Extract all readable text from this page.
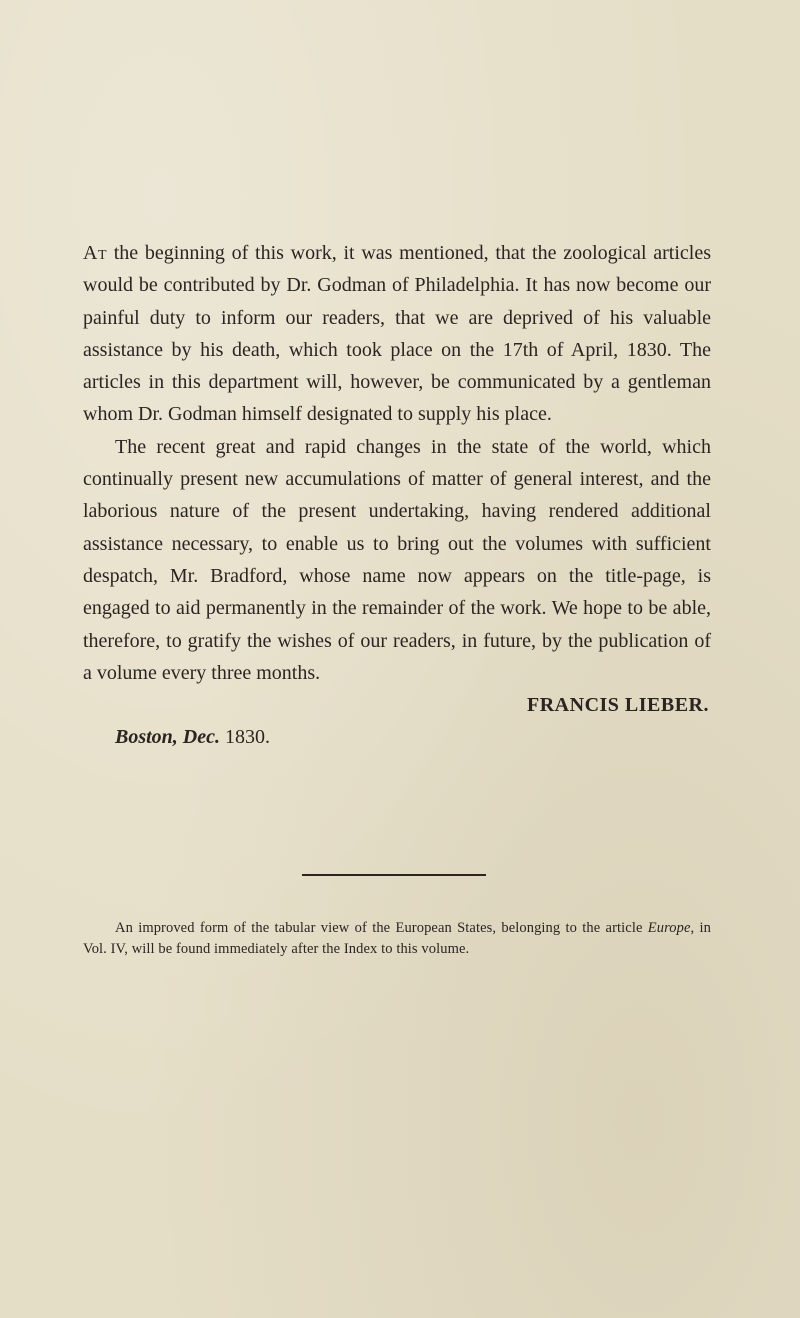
At the beginning of this work, it was mentioned, that the zoological articles would be contributed by Dr. Godman of Philadelphia. It has now become our painful duty to inform our readers, that we are deprived of his valuable assistance by his death, which took place on the 17th of April, 1830. The articles in this department will, however, be communicated by a gentleman whom Dr. Godman himself designated to supply his place.

The recent great and rapid changes in the state of the world, which continually present new accumulations of matter of general interest, and the laborious nature of the present undertaking, having rendered additional assistance necessary, to enable us to bring out the volumes with sufficient despatch, Mr. Bradford, whose name now appears on the title-page, is engaged to aid permanently in the remainder of the work. We hope to be able, therefore, to gratify the wishes of our readers, in future, by the publication of a volume every three months.

FRANCIS LIEBER.

Boston, Dec. 1830.

An improved form of the tabular view of the European States, belonging to the article Europe, in Vol. IV, will be found immediately after the Index to this volume.
